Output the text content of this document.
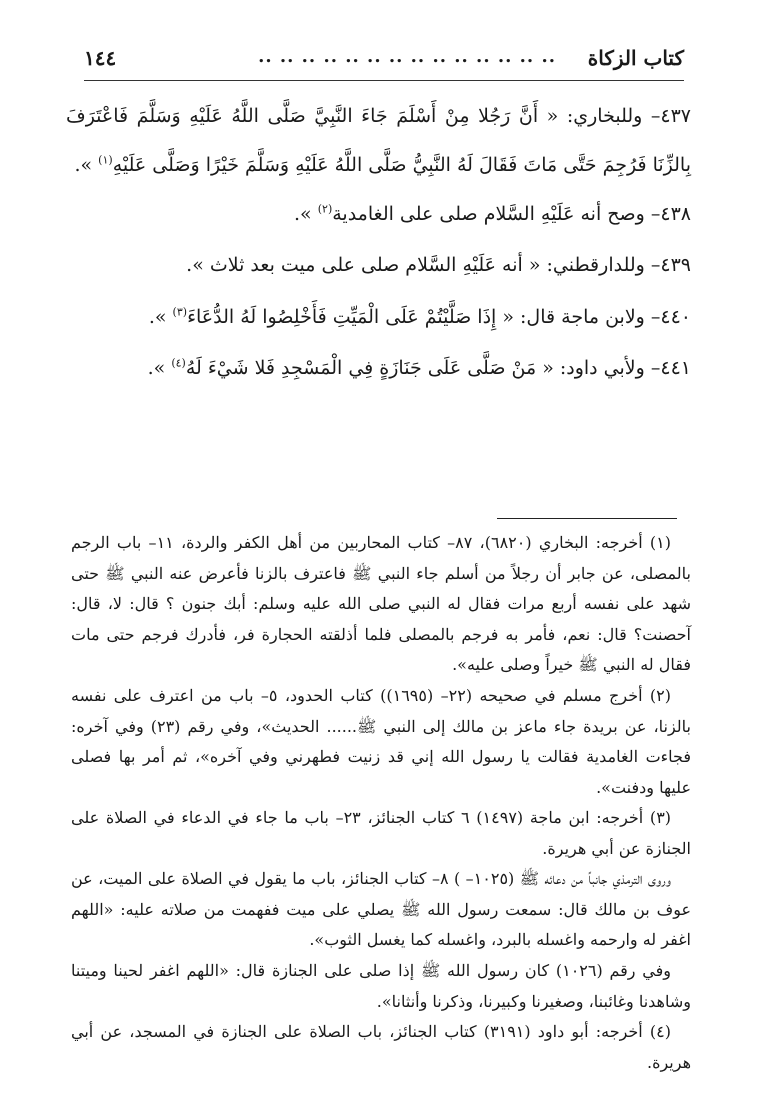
كتاب الزكاة
.. .. .. .. .. .. .. .. .. .. .. .. .. ..
١٤٤
٤٣٧– وللبخاري: « أَنَّ رَجُلا مِنْ أَسْلَمَ جَاءَ النَّبِيَّ صَلَّى اللَّهُ عَلَيْهِ وَسَلَّمَ فَاعْتَرَفَ بِالزِّنَا فَرُجِمَ حَتَّى مَاتَ فَقَالَ لَهُ النَّبِيُّ صَلَّى اللَّهُ عَلَيْهِ وَسَلَّمَ خَيْرًا وَصَلَّى عَلَيْهِ$^{(١)}$ ».
٤٣٨– وصح أنه عَلَيْهِ السَّلام صلى على الغامدية$^{(٢)}$ ».
٤٣٩– وللدارقطني: « أنه عَلَيْهِ السَّلام صلى على ميت بعد ثلاث ».
٤٤٠– ولابن ماجة قال: « إِذَا صَلَّيْتُمْ عَلَى الْمَيِّتِ فَأَخْلِصُوا لَهُ الدُّعَاءَ$^{(٣)}$ ».
٤٤١– ولأبي داود: « مَنْ صَلَّى عَلَى جَنَازَةٍ فِي الْمَسْجِدِ فَلا شَيْءَ لَهُ$^{(٤)}$ ».

(١) أخرجه: البخاري (٦٨٢٠)، ٨٧– كتاب المحاربين من أهل الكفر والردة، ١١– باب الرجم بالمصلى، عن جابر أن رجلاً من أسلم جاء النبي ﷺ فاعترف بالزنا فأعرض عنه النبي ﷺ حتى شهد على نفسه أربع مرات فقال له النبي صلى الله عليه وسلم: أبك جنون ؟ قال: لا، قال: آحصنت؟ قال: نعم، فأمر به فرجم بالمصلى فلما أذلقته الحجارة فر، فأدرك فرجم حتى مات فقال له النبي ﷺ خيراً وصلى عليه».

(٢) أخرج مسلم في صحيحه (٢٢– (١٦٩٥)) كتاب الحدود، ٥– باب من اعترف على نفسه بالزنا، عن بريدة جاء ماعز بن مالك إلى النبي ﷺ...... الحديث»، وفي رقم (٢٣) وفي آخره: فجاءت الغامدية فقالت يا رسول الله إني قد زنيت فطهرني وفي آخره»، ثم أمر بها فصلى عليها ودفنت».

(٣) أخرجه: ابن ماجة (١٤٩٧) ٦ كتاب الجنائز، ٢٣– باب ما جاء في الدعاء في الصلاة على الجنازة عن أبي هريرة.

وروى الترمذي جانباً من دعائه ﷺ (١٠٢٥– ) ٨– كتاب الجنائز، باب ما يقول في الصلاة على الميت، عن عوف بن مالك قال: سمعت رسول الله ﷺ يصلي على ميت ففهمت من صلاته عليه: «اللهم اغفر له وارحمه واغسله بالبرد، واغسله كما يغسل الثوب».

وفي رقم (١٠٢٦) كان رسول الله ﷺ إذا صلى على الجنازة قال: «اللهم اغفر لحينا وميتنا وشاهدنا وغائبنا، وصغيرنا وكبيرنا، وذكرنا وأنثانا».

(٤) أخرجه: أبو داود (٣١٩١) كتاب الجنائز، باب الصلاة على الجنازة في المسجد، عن أبي هريرة.
